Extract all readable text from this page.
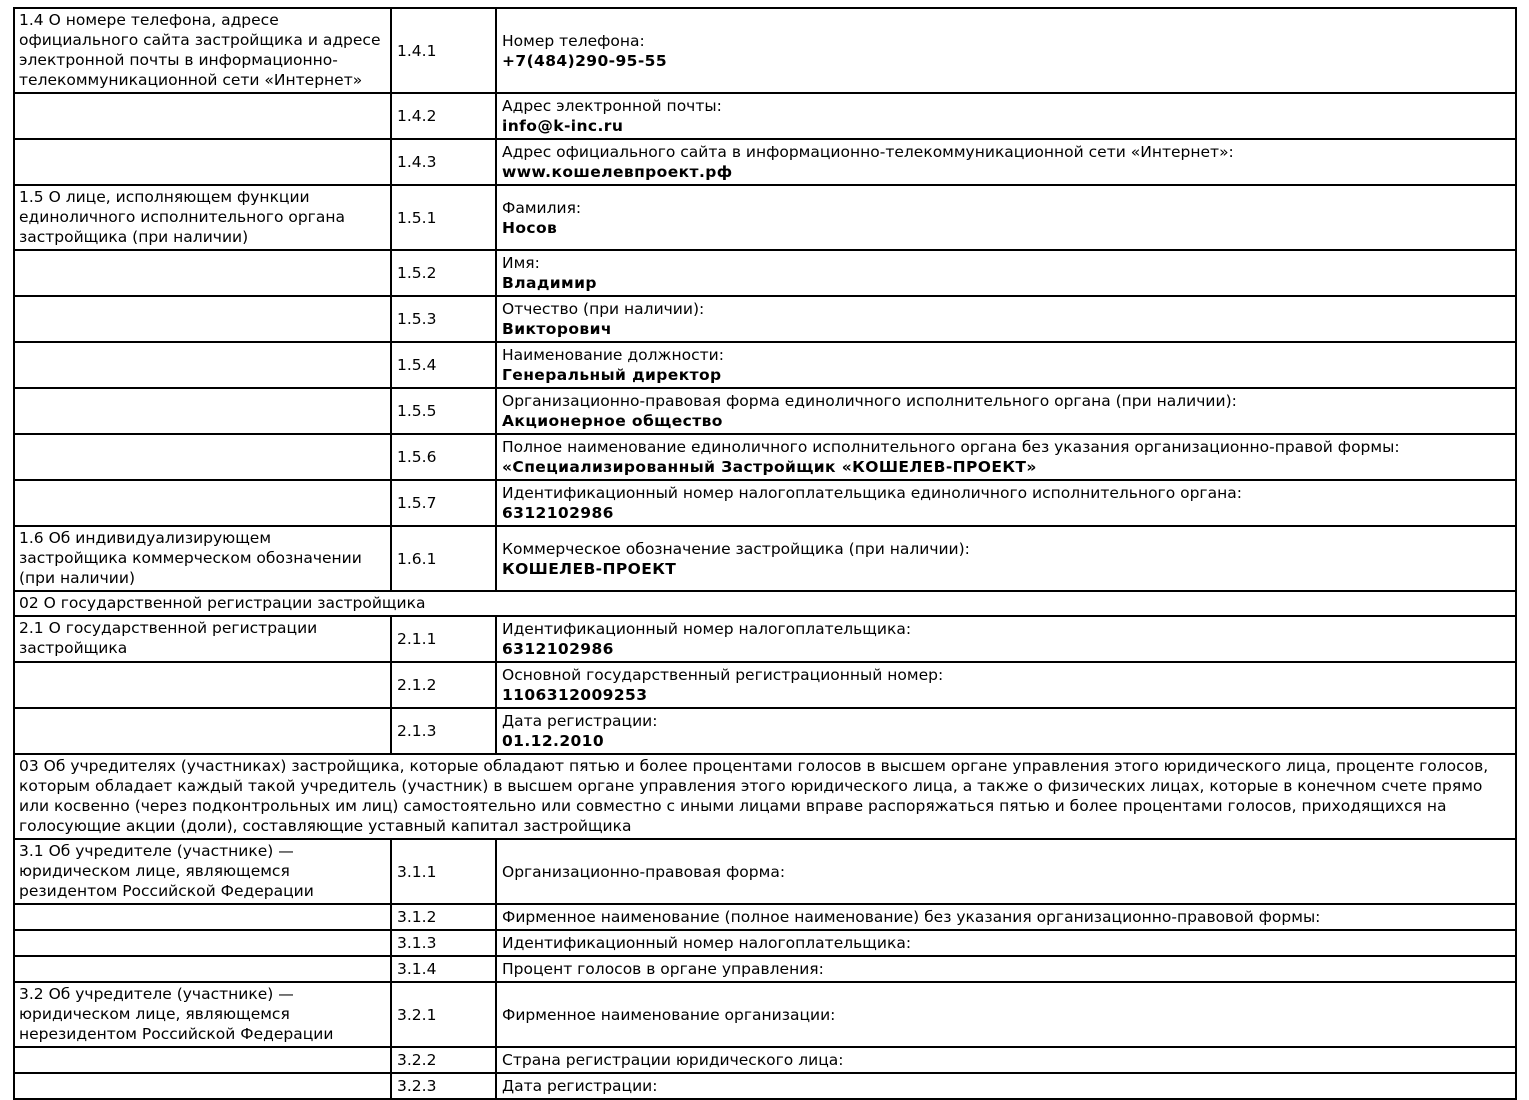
1.4 О номере телефона, адресе официального сайта застройщика и адресе электронной почты в информационно-телекоммуникационной сети «Интернет»	1.4.1	Номер телефона:
+7(484)290-95-55

	1.4.2	Адрес электронной почты:
info@k-inc.ru

	1.4.3	Адрес официального сайта в информационно-телекоммуникационной сети «Интернет»:
www.кошелевпроект.рф

1.5 О лице, исполняющем функции единоличного исполнительного органа застройщика (при наличии)	1.5.1	Фамилия:
Носов

	1.5.2	Имя:
Владимир

	1.5.3	Отчество (при наличии):
Викторович

	1.5.4	Наименование должности:
Генеральный директор

	1.5.5	Организационно-правовая форма единоличного исполнительного органа (при наличии):
Акционерное общество

	1.5.6	Полное наименование единоличного исполнительного органа без указания организационно-правой формы:
«Специализированный Застройщик «КОШЕЛЕВ-ПРОЕКТ»

	1.5.7	Идентификационный номер налогоплательщика единоличного исполнительного органа:
6312102986

1.6 Об индивидуализирующем застройщика коммерческом обозначении (при наличии)	1.6.1	Коммерческое обозначение застройщика (при наличии):
КОШЕЛЕВ-ПРОЕКТ

02 О государственной регистрации застройщика		
2.1 О государственной регистрации застройщика	2.1.1	Идентификационный номер налогоплательщика:
6312102986

	2.1.2	Основной государственный регистрационный номер:
1106312009253

	2.1.3	Дата регистрации:
01.12.2010

03 Об учредителях (участниках) застройщика, которые обладают пятью и более процентами голосов в высшем органе управления этого юридического лица, проценте голосов, которым обладает каждый такой учредитель (участник) в высшем органе управления этого юридического лица, а также о физических лицах, которые в конечном счете прямо или косвенно (через подконтрольных им лиц) самостоятельно или совместно с иными лицами вправе распоряжаться пятью и более процентами голосов, приходящихся на голосующие акции (доли), составляющие уставный капитал застройщика		
3.1 Об учредителе (участнике) — юридическом лице, являющемся резидентом Российской Федерации	3.1.1	Организационно-правовая форма:

	3.1.2	Фирменное наименование (полное наименование) без указания организационно-правовой формы:

	3.1.3	Идентификационный номер налогоплательщика:

	3.1.4	Процент голосов в органе управления:

3.2 Об учредителе (участнике) — юридическом лице, являющемся нерезидентом Российской Федерации	3.2.1	Фирменное наименование организации:

	3.2.2	Страна регистрации юридического лица:

	3.2.3	Дата регистрации:
